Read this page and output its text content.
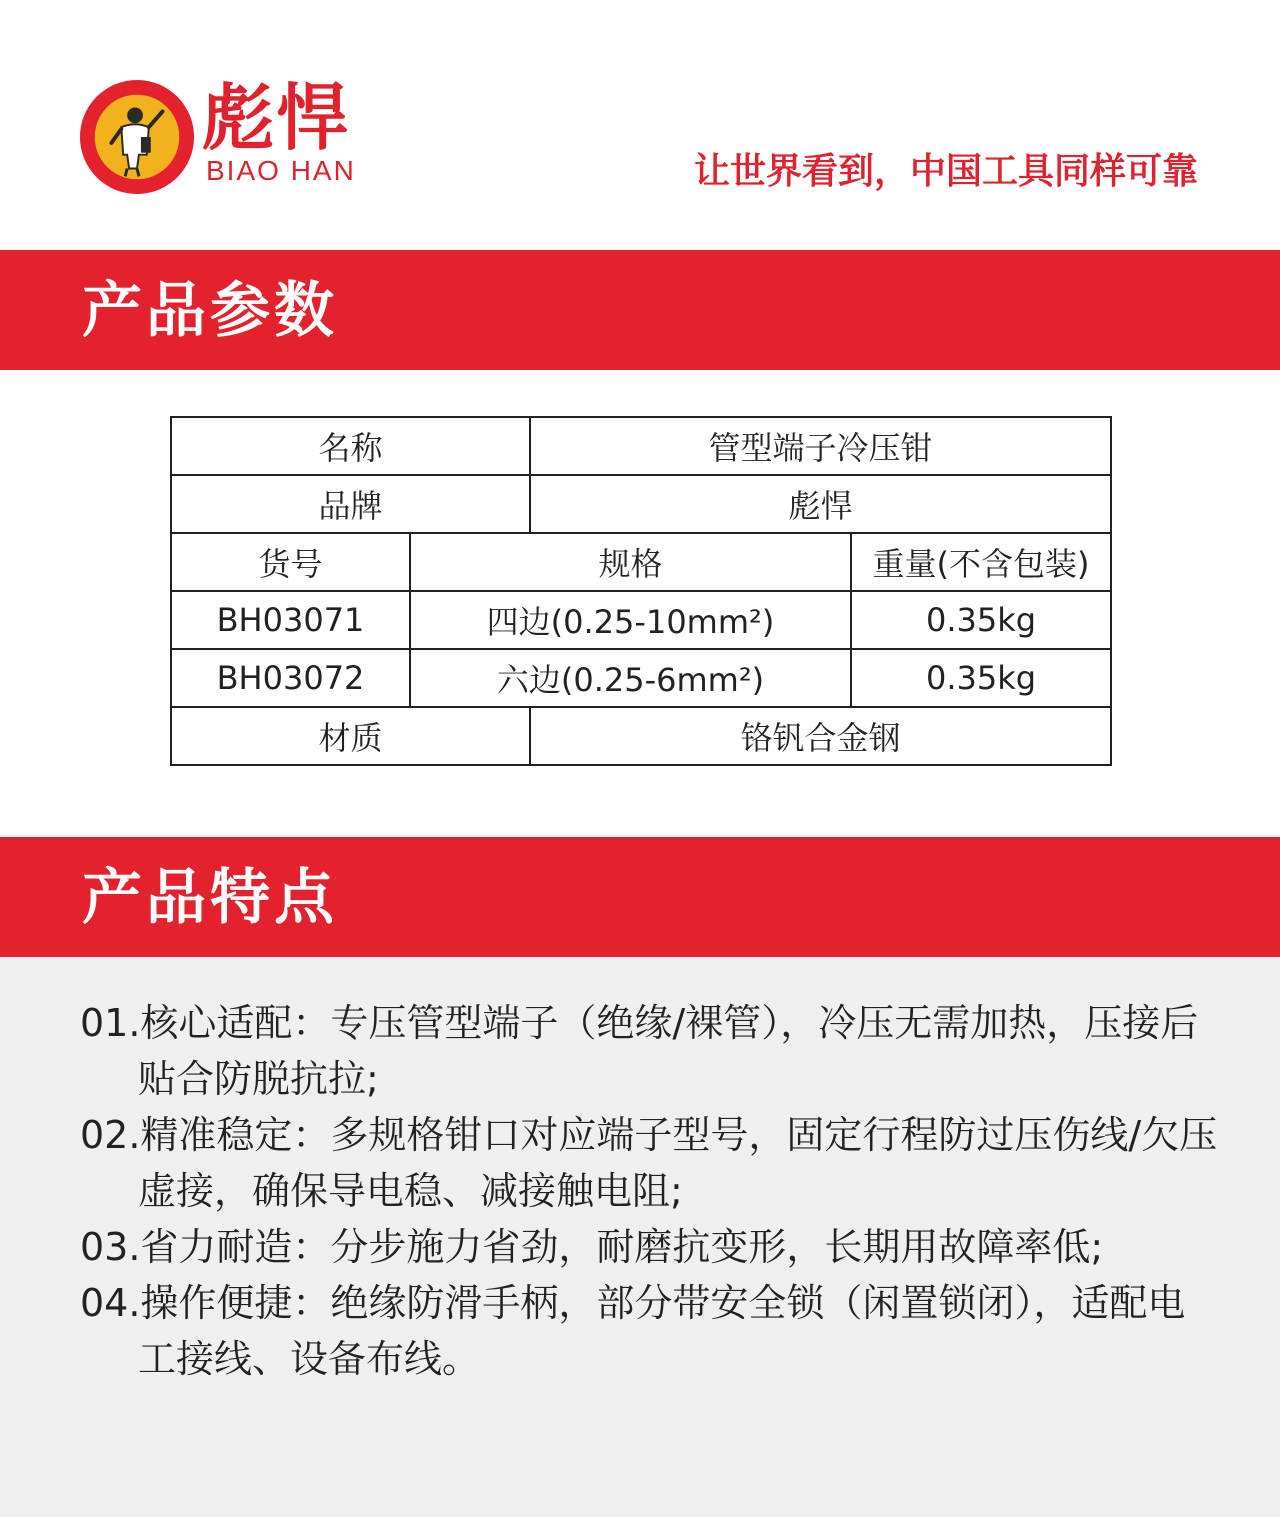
彪悍
BIAO HAN	让世界看到，中国工具同样可靠
产品参数
名称		管型端子冷压钳	
品牌		彪悍	
货号	规格		重量(不含包装)
BH03071	四边(0.25-10mm²)		0.35kg
BH03072	六边(0.25-6mm²)		0.35kg
材质		铬钒合金钢	
产品特点
01.核心适配：专压管型端子（绝缘/裸管），冷压无需加热，压接后贴合防脱抗拉;
02.精准稳定：多规格钳口对应端子型号，固定行程防过压伤线/欠压虚接，确保导电稳、减接触电阻;
03.省力耐造：分步施力省劲，耐磨抗变形，长期用故障率低;
04.操作便捷：绝缘防滑手柄，部分带安全锁（闲置锁闭），适配电工接线、设备布线。
